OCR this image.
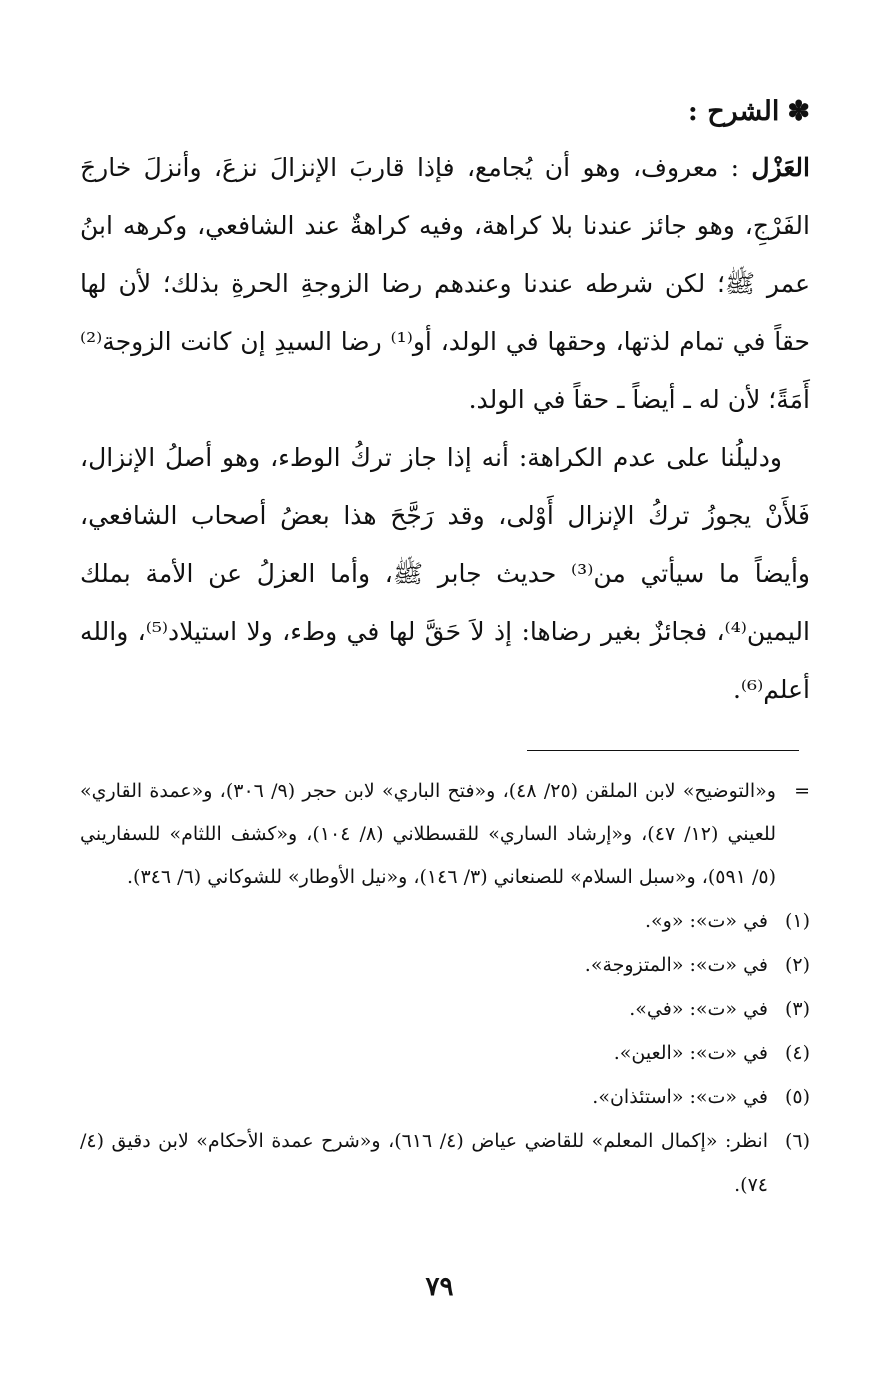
✽الشرح :

العَزْل : معروف، وهو أن يُجامع، فإذا قاربَ الإنزالَ نزعَ، وأنزلَ خارجَ الفَرْجِ، وهو جائز عندنا بلا كراهة، وفيه كراهةٌ عند الشافعي، وكرهه ابنُ عمر ﷺ؛ لكن شرطه عندنا وعندهم رضا الزوجةِ الحرةِ بذلك؛ لأن لها حقاً في تمام لذتها، وحقها في الولد، أو⁽¹⁾ رضا السيدِ إن كانت الزوجة⁽²⁾ أَمَةً؛ لأن له ـ أيضاً ـ حقاً في الولد.

ودليلُنا على عدم الكراهة: أنه إذا جاز تركُ الوطء، وهو أصلُ الإنزال، فَلأَنْ يجوزُ تركُ الإنزال أَوْلى، وقد رَجَّحَ هذا بعضُ أصحاب الشافعي، وأيضاً ما سيأتي من⁽³⁾ حديث جابر ﷺ، وأما العزلُ عن الأمة بملك اليمين⁽⁴⁾، فجائزٌ بغير رضاها: إذ لاَ حَقَّ لها في وطء، ولا استيلاد⁽⁵⁾، والله أعلم⁽⁶⁾.

=
و«التوضيح» لابن الملقن (٢٥/ ٤٨)، و«فتح الباري» لابن حجر (٩/ ٣٠٦)، و«عمدة القاري» للعيني (١٢/ ٤٧)، و«إرشاد الساري» للقسطلاني (٨/ ١٠٤)، و«كشف اللثام» للسفاريني (٥/ ٥٩١)، و«سبل السلام» للصنعاني (٣/ ١٤٦)، و«نيل الأوطار» للشوكاني (٦/ ٣٤٦).
(١)
في «ت»: «و».
(٢)
في «ت»: «المتزوجة».
(٣)
في «ت»: «في».
(٤)
في «ت»: «العين».
(٥)
في «ت»: «استئذان».
(٦)
انظر: «إكمال المعلم» للقاضي عياض (٤/ ٦١٦)، و«شرح عمدة الأحكام» لابن دقيق (٤/ ٧٤).
٧٩
